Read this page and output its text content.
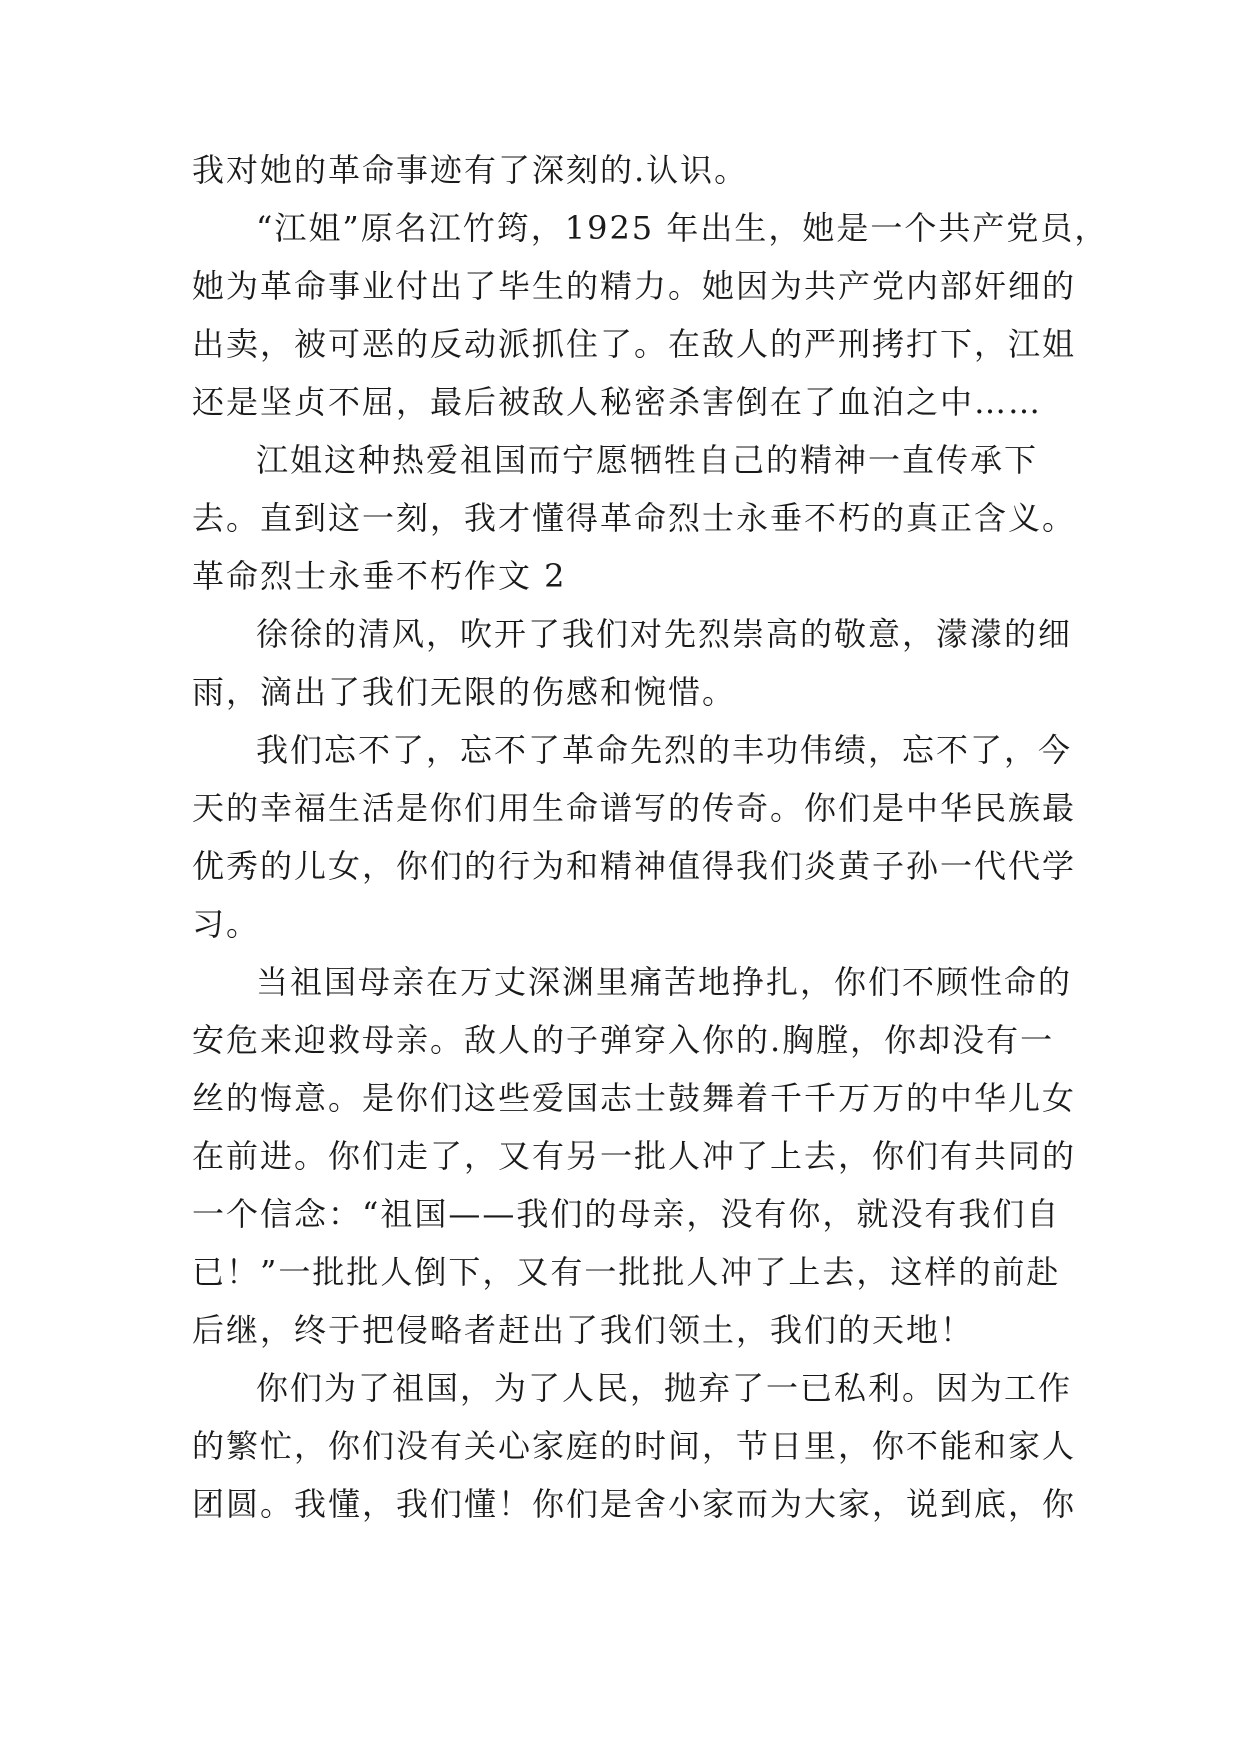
我对她的革命事迹有了深刻的.认识。
“江姐”原名江竹筠，1925 年出生，她是一个共产党员，
她为革命事业付出了毕生的精力。她因为共产党内部奸细的
出卖，被可恶的反动派抓住了。在敌人的严刑拷打下，江姐
还是坚贞不屈，最后被敌人秘密杀害倒在了血泊之中……
江姐这种热爱祖国而宁愿牺牲自己的精神一直传承下
去。直到这一刻，我才懂得革命烈士永垂不朽的真正含义。
革命烈士永垂不朽作文 2
徐徐的清风，吹开了我们对先烈崇高的敬意，濛濛的细
雨，滴出了我们无限的伤感和惋惜。
我们忘不了，忘不了革命先烈的丰功伟绩，忘不了，今
天的幸福生活是你们用生命谱写的传奇。你们是中华民族最
优秀的儿女，你们的行为和精神值得我们炎黄子孙一代代学
习。
当祖国母亲在万丈深渊里痛苦地挣扎，你们不顾性命的
安危来迎救母亲。敌人的子弹穿入你的.胸膛，你却没有一
丝的悔意。是你们这些爱国志士鼓舞着千千万万的中华儿女
在前进。你们走了，又有另一批人冲了上去，你们有共同的
一个信念：“祖国——我们的母亲，没有你，就没有我们自
已！”一批批人倒下，又有一批批人冲了上去，这样的前赴
后继，终于把侵略者赶出了我们领土，我们的天地！
你们为了祖国，为了人民，抛弃了一已私利。因为工作
的繁忙，你们没有关心家庭的时间，节日里，你不能和家人
团圆。我懂，我们懂！你们是舍小家而为大家，说到底，你
